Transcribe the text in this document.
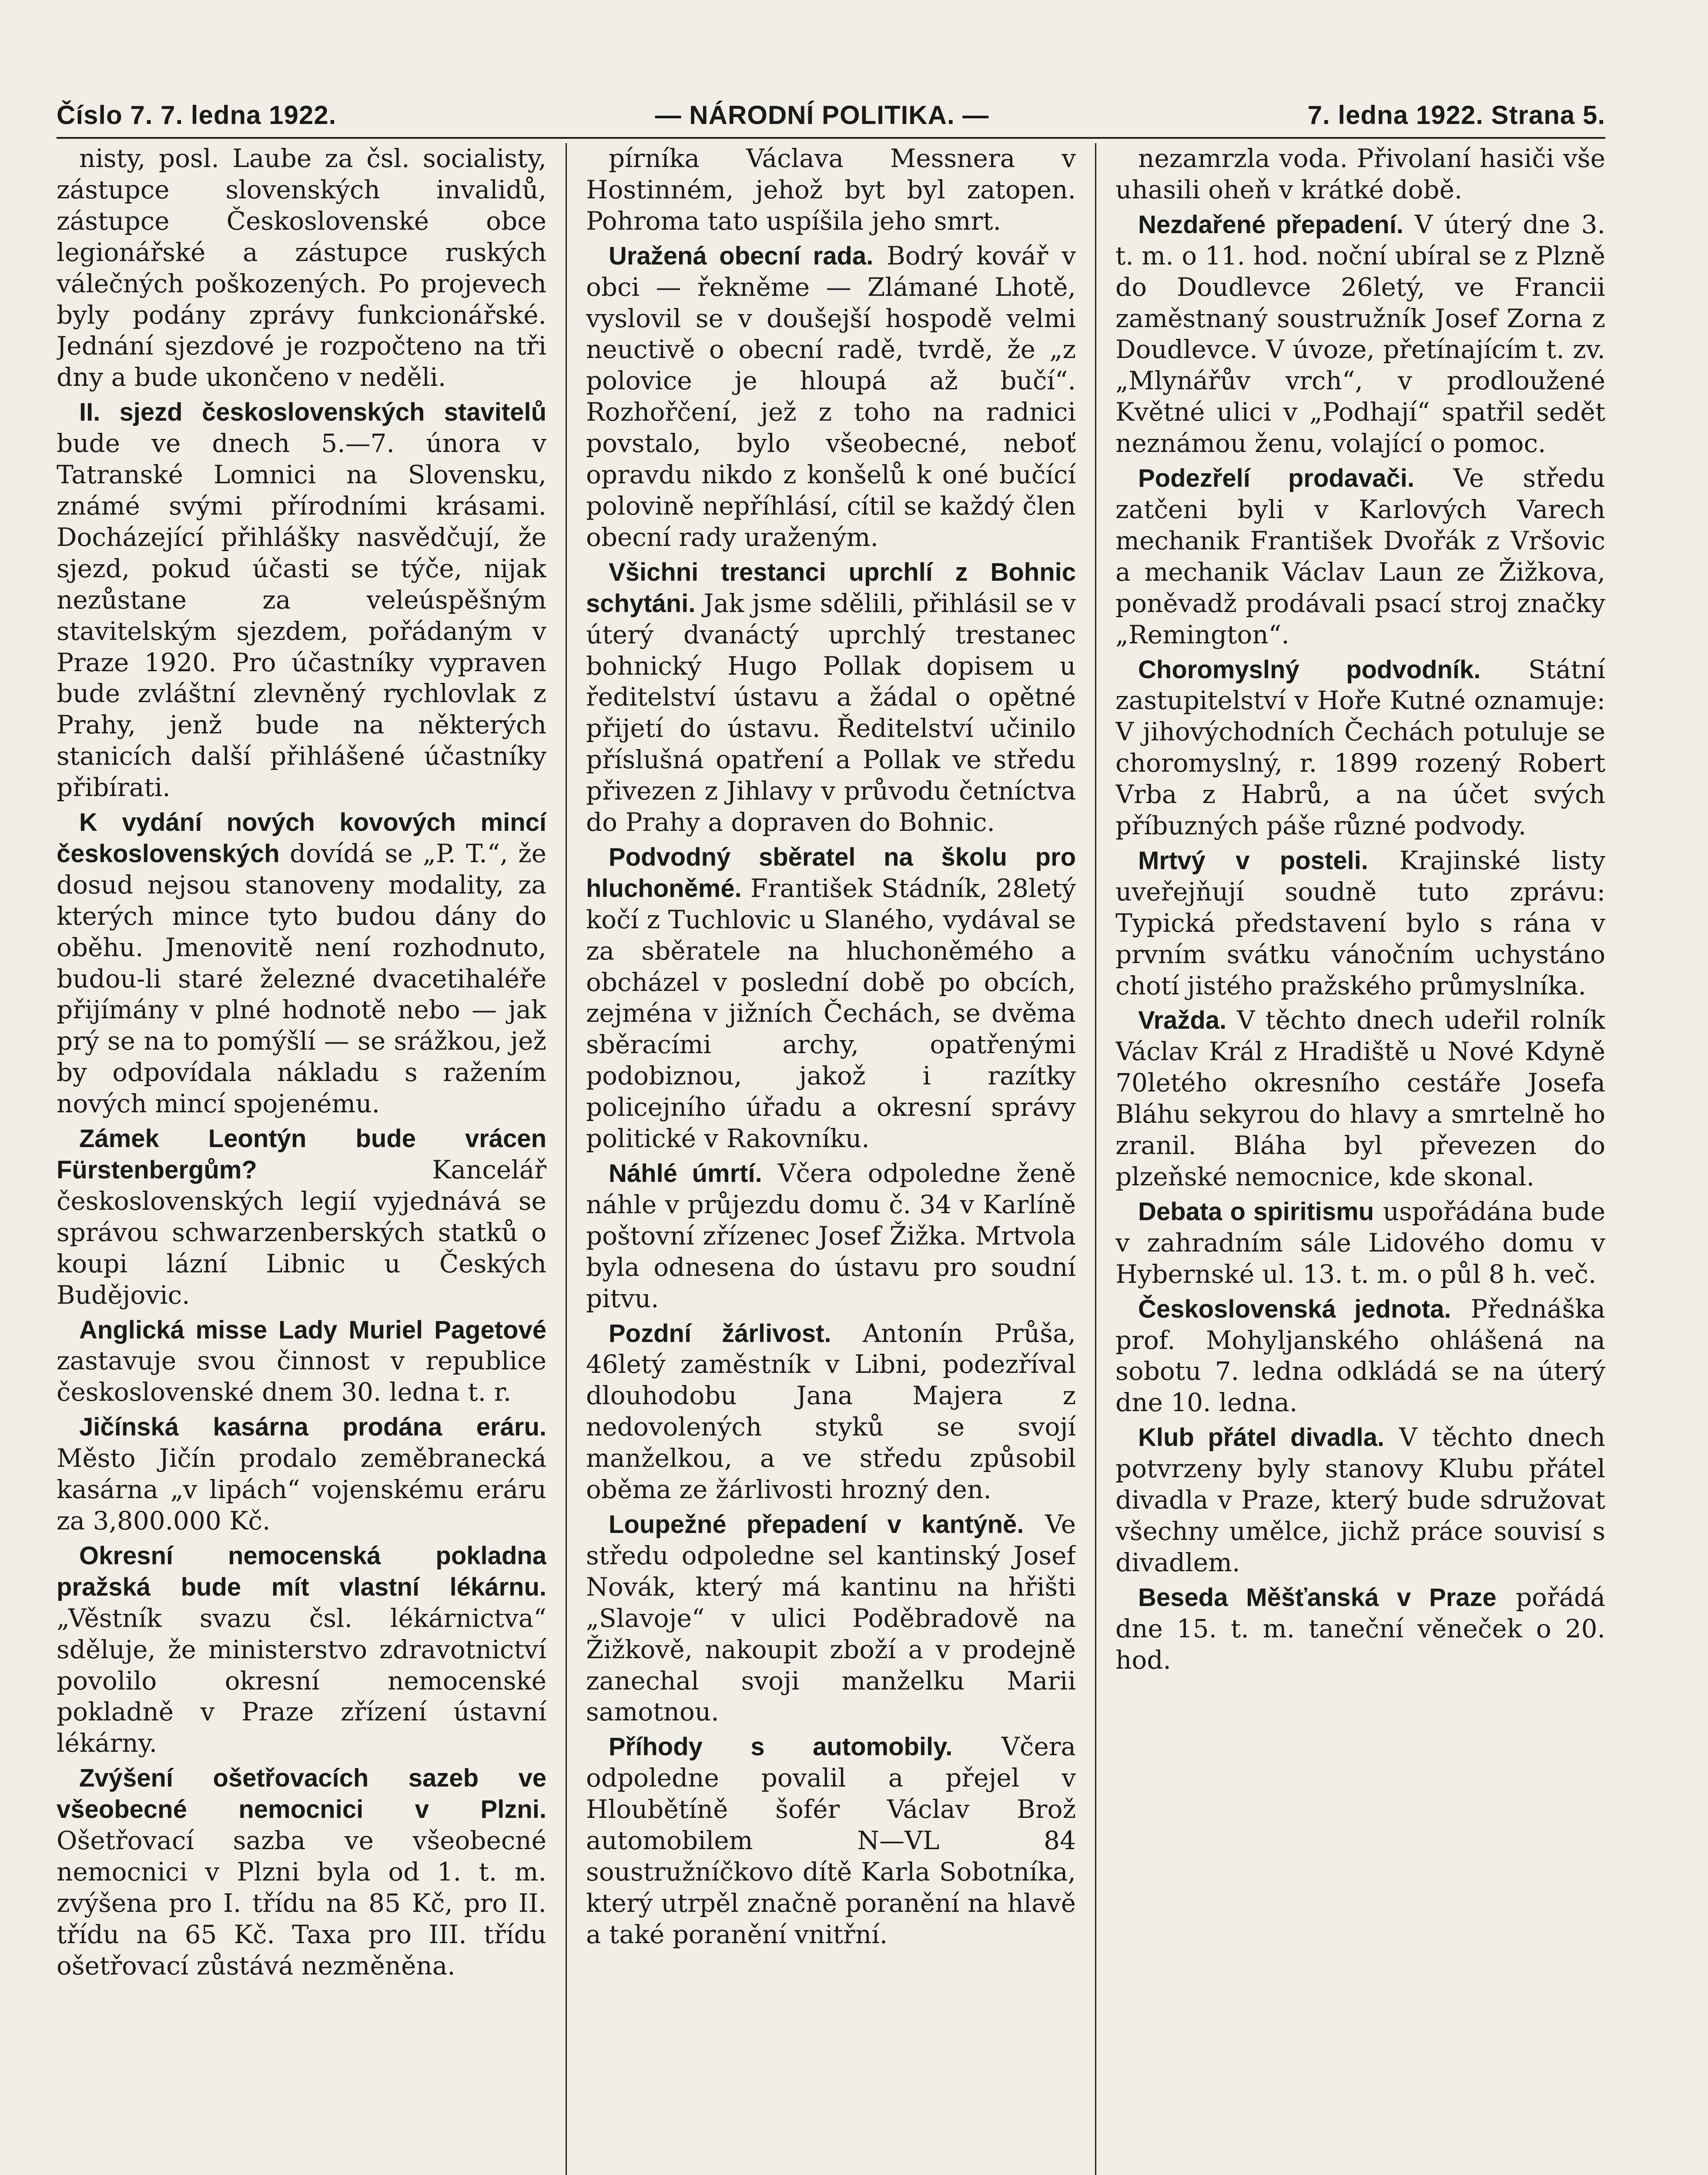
Číslo 7. 7. ledna 1922.	— NÁRODNÍ POLITIKA. —	7. ledna 1922. Strana 5.

nisty, posl. Laube za čsl. socialisty, zástupce slovenských invalidů, zástupce Československé obce legionářské a zástupce ruských válečných poškozených. Po projevech byly podány zprávy funkcionářské. Jednání sjezdové je rozpočteno na tři dny a bude ukončeno v neděli.

II. sjezd československých stavitelů bude ve dnech 5.—7. února v Tatranské Lomnici na Slovensku, známé svými přírodními krásami. Docházející přihlášky nasvědčují, že sjezd, pokud účasti se týče, nijak nezůstane za veleúspěšným stavitelským sjezdem, pořádaným v Praze 1920. Pro účastníky vypraven bude zvláštní zlevněný rychlovlak z Prahy, jenž bude na některých stanicích další přihlášené účastníky přibírati.

K vydání nových kovových mincí československých dovídá se „P. T.“, že dosud nejsou stanoveny modality, za kterých mince tyto budou dány do oběhu. Jmenovitě není rozhodnuto, budou-li staré železné dvacetihaléře přijímány v plné hodnotě nebo — jak prý se na to pomýšlí — se srážkou, jež by odpovídala nákladu s ražením nových mincí spojenému.

Zámek Leontýn bude vrácen Fürstenbergům?	Kancelář československých legií vyjednává se správou schwarzenberských statků o koupi lázní Libnic u Českých Budějovic.

Anglická misse Lady Muriel Pagetové zastavuje svou činnost v republice československé dnem 30. ledna t. r.

Jičínská kasárna prodána eráru. Město Jičín prodalo zeměbranecká kasárna „v lipách“ vojenskému eráru za 3,800.000 Kč.

Okresní nemocenská pokladna pražská bude mít vlastní lékárnu. „Věstník svazu čsl. lékárnictva“ sděluje, že ministerstvo zdravotnictví povolilo okresní nemocenské pokladně v Praze zřízení ústavní lékárny.

Zvýšení ošetřovacích sazeb ve všeobecné nemocnici v Plzni. Ošetřovací sazba ve všeobecné nemocnici v Plzni byla od 1. t. m. zvýšena pro I. třídu na 85 Kč, pro II. třídu na 65 Kč. Taxa pro III. třídu ošetřovací zůstává nezměněna.

pírníka Václava Messnera v Hostinném, jehož byt byl zatopen. Pohroma tato uspíšila jeho smrt.

Uražená obecní rada. Bodrý kovář v obci — řekněme — Zlámané Lhotě, vyslovil se v doušejší hospodě velmi neuctivě o obecní radě, tvrdě, že „z polovice je hloupá až bučí“. Rozhořčení, jež z toho na radnici povstalo, bylo všeobecné, neboť opravdu nikdo z konšelů k oné bučící polovině nepříhlásí, cítil se každý člen obecní rady uraženým.

Všichni trestanci uprchlí z Bohnic schytáni. Jak jsme sdělili, přihlásil se v úterý dvanáctý uprchlý trestanec bohnický Hugo Pollak dopisem u ředitelství ústavu a žádal o opětné přijetí do ústavu. Ředitelství učinilo příslušná opatření a Pollak ve středu přivezen z Jihlavy v průvodu četníctva do Prahy a dopraven do Bohnic.

Podvodný sběratel na školu pro hluchoněmé. František Stádník, 28letý kočí z Tuchlovic u Slaného, vydával se za sběratele na hluchoněmého a obcházel v poslední době po obcích, zejména v jižních Čechách, se dvěma sběracími archy, opatřenými podobiznou, jakož i razítky policejního úřadu a okresní správy politické v Rakovníku.

Náhlé úmrtí. Včera odpoledne ženě náhle v průjezdu domu č. 34 v Karlíně poštovní zřízenec Josef Žižka. Mrtvola byla odnesena do ústavu pro soudní pitvu.

Pozdní žárlivost. Antonín Průša, 46letý zaměstník v Libni, podezříval dlouhodobu Jana Majera z nedovolených styků se svojí manželkou, a ve středu způsobil oběma ze žárlivosti hrozný den.

Loupežné přepadení v kantýně. Ve středu odpoledne sel kantinský Josef Novák, který má kantinu na hřišti „Slavoje“ v ulici Poděbradově na Žižkově, nakoupit zboží a v prodejně zanechal svoji manželku Marii samotnou.

Příhody s automobily. Včera odpoledne povalil a přejel v Hloubětíně šofér Václav Brož automobilem N—VL 84 soustružníčkovo dítě Karla Sobotníka, který utrpěl značně poranění na hlavě a také poranění vnitřní.

nezamrzla voda. Přivolaní hasiči vše uhasili oheň v krátké době.

Nezdařené přepadení. V úterý dne 3. t. m. o 11. hod. noční ubíral se z Plzně do Doudlevce 26letý, ve Francii zaměstnaný soustružník Josef Zorna z Doudlevce. V úvoze, přetínajícím t. zv. „Mlynářův vrch“, v prodloužené Květné ulici v „Podhají“ spatřil sedět neznámou ženu, volající o pomoc.

Podezřelí prodavači. Ve středu zatčeni byli v Karlových Varech mechanik František Dvořák z Vršovic a mechanik Václav Laun ze Žižkova, poněvadž prodávali psací stroj značky „Remington“.

Choromyslný podvodník. Státní zastupitelství v Hoře Kutné oznamuje: V jihovýchodních Čechách potuluje se choromyslný, r. 1899 rozený Robert Vrba z Habrů, a na účet svých příbuzných páše různé podvody.

Mrtvý v posteli. Krajinské listy uveřejňují soudně tuto zprávu: Typická představení bylo s rána v prvním svátku vánočním uchystáno chotí jistého pražského průmyslníka.

Vražda. V těchto dnech udeřil rolník Václav Král z Hradiště u Nové Kdyně 70letého okresního cestáře Josefa Bláhu sekyrou do hlavy a smrtelně ho zranil. Bláha byl převezen do plzeňské nemocnice, kde skonal.

Debata o spiritismu uspořádána bude v zahradním sále Lidového domu v Hybernské ul. 13. t. m. o půl 8 h. več.

Československá jednota. Přednáška prof. Mohyljanského ohlášená na sobotu 7. ledna odkládá se na úterý dne 10. ledna.

Klub přátel divadla. V těchto dnech potvrzeny byly stanovy Klubu přátel divadla v Praze, který bude sdružovat všechny umělce, jichž práce souvisí s divadlem.

Beseda Měšťanská v Praze pořádá dne 15. t. m. taneční věneček o 20. hod.
